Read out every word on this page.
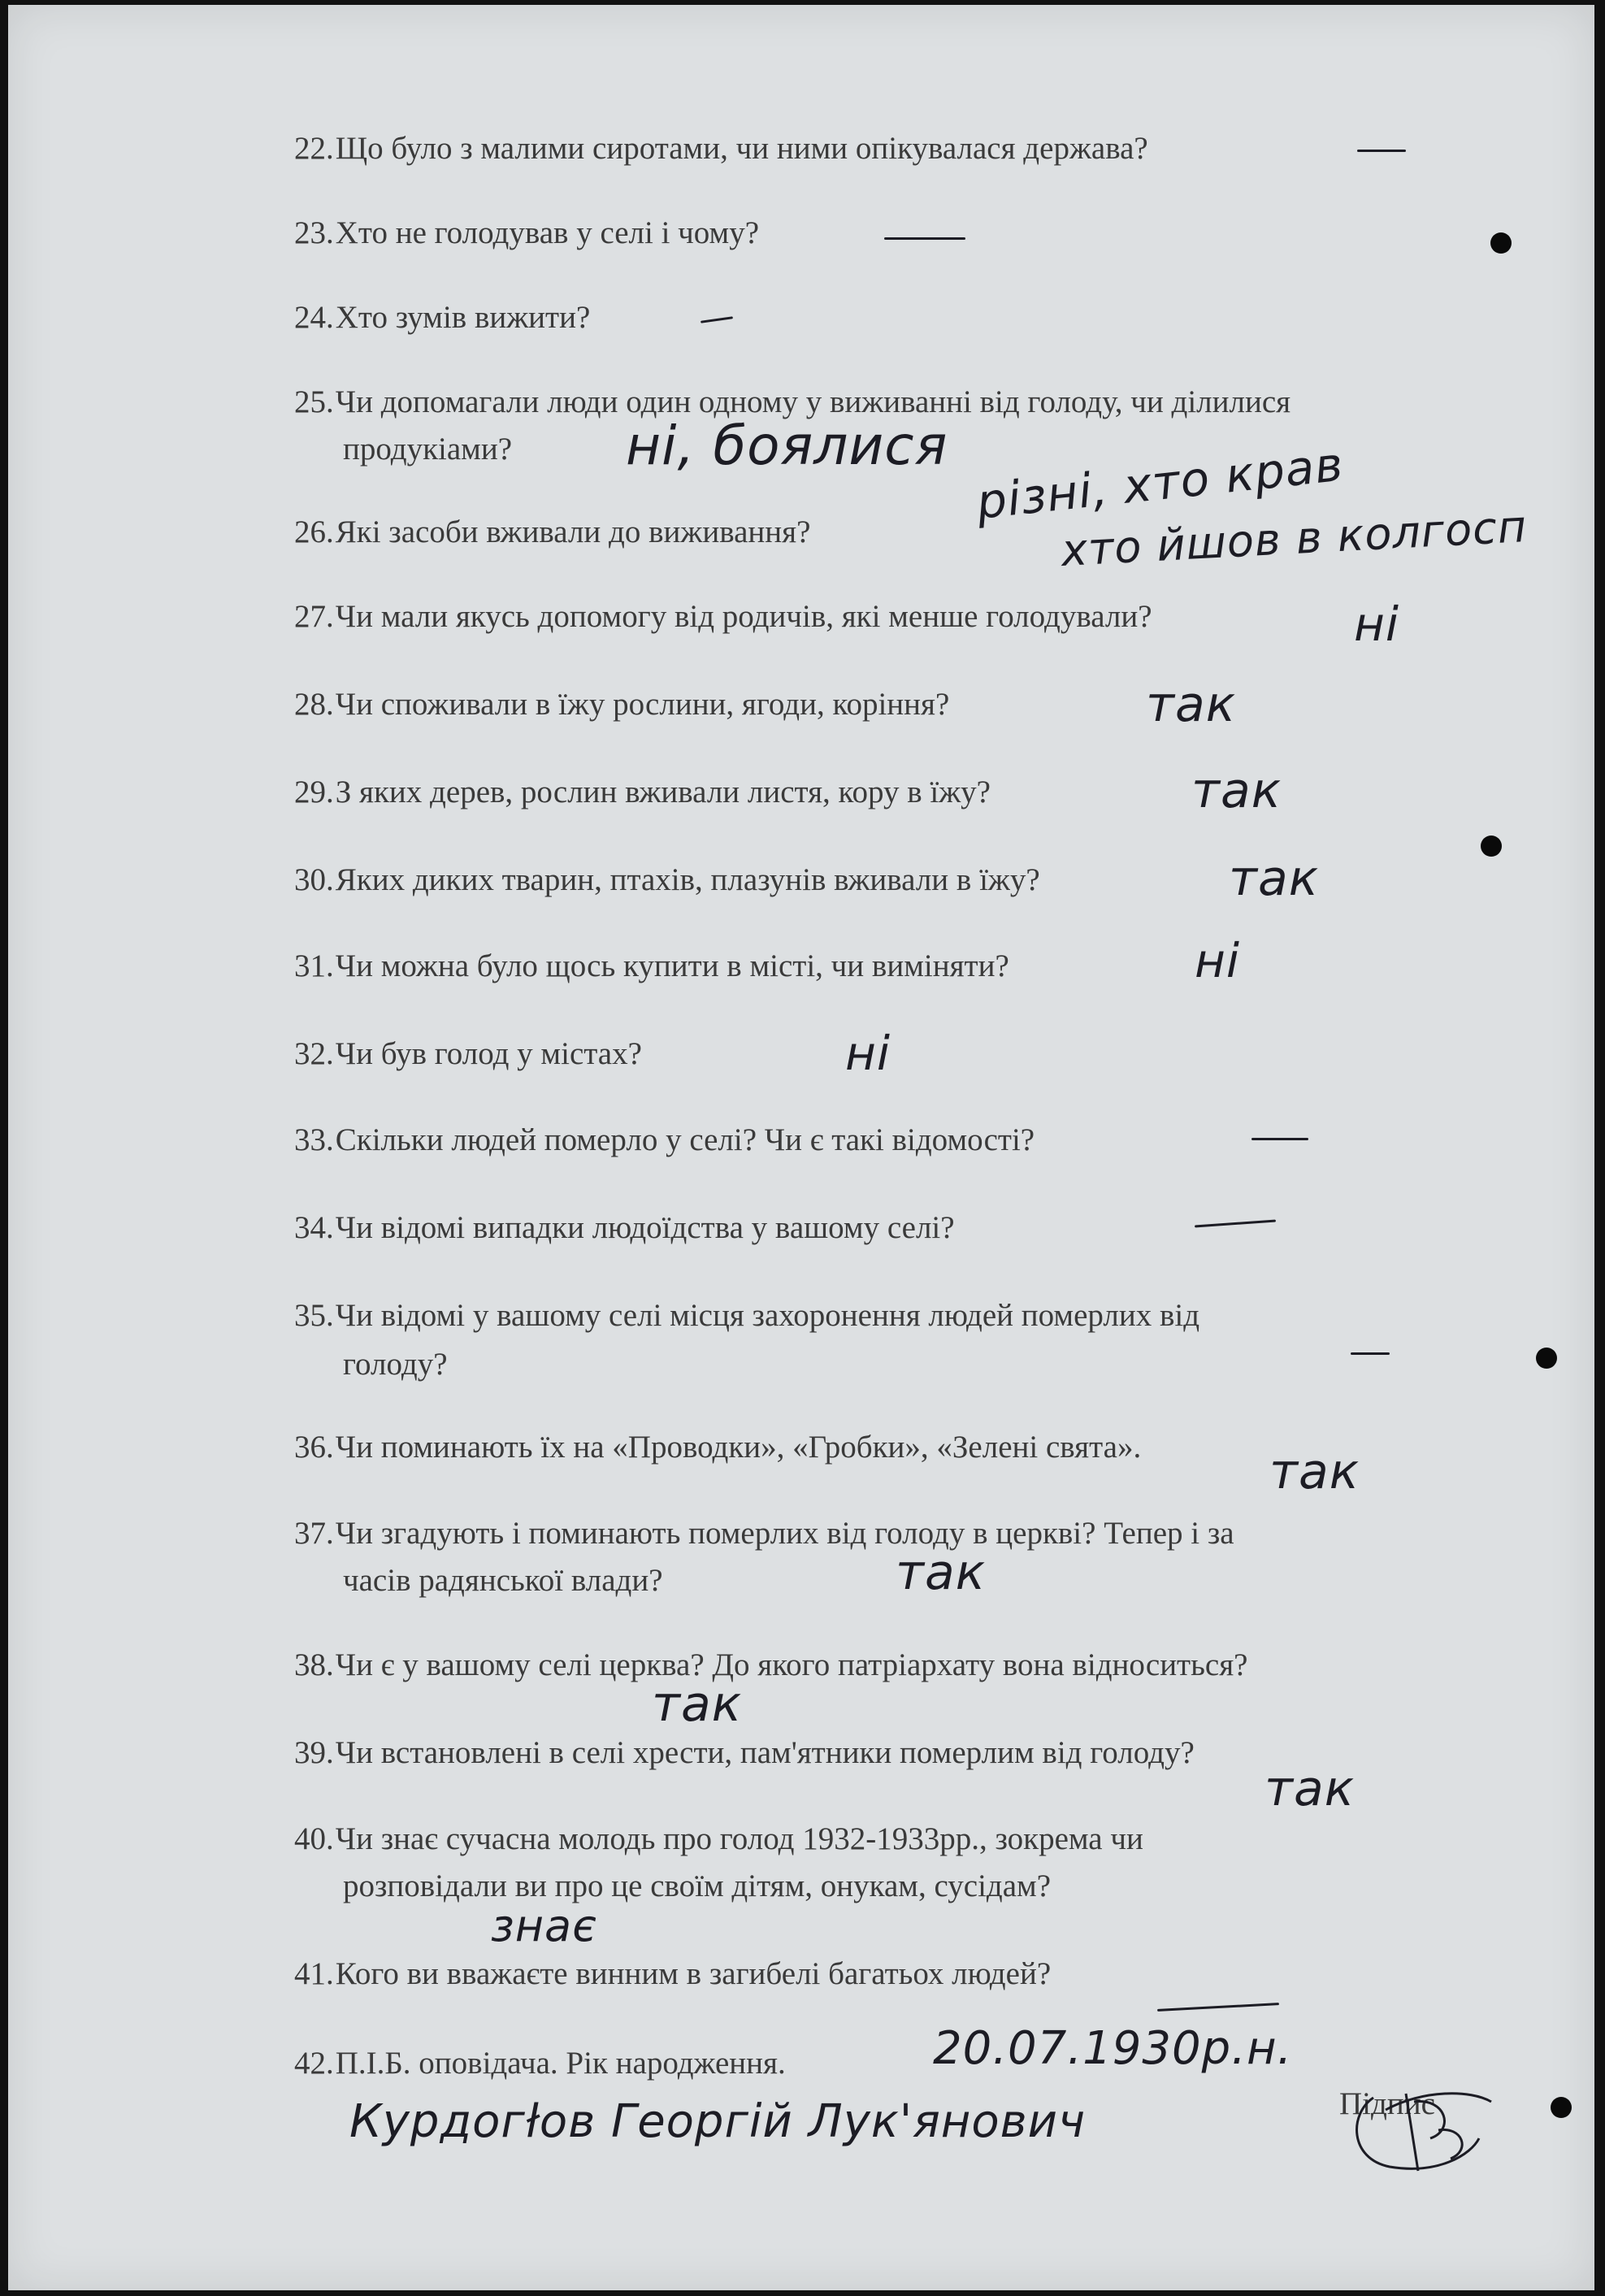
22.Що було з малими сиротами, чи ними опікувалася держава?
23.Хто не голодував у селі і чому?
24.Хто зумів вижити?
25.Чи допомагали люди один одному у виживанні від голоду, чи ділилися
продукіами?
26.Які засоби вживали до виживання?
27.Чи мали якусь допомогу від родичів, які менше голодували?
28.Чи споживали в їжу рослини, ягоди, коріння?
29.З яких дерев, рослин вживали листя, кору в їжу?
30.Яких диких тварин, птахів, плазунів вживали в їжу?
31.Чи можна було щось купити в місті, чи виміняти?
32.Чи був голод у містах?
33.Скільки людей померло у селі? Чи є такі відомості?
34.Чи відомі випадки людоїдства у вашому селі?
35.Чи відомі у вашому селі місця захоронення людей померлих від
голоду?
36.Чи поминають їх на «Проводки», «Гробки», «Зелені свята».
37.Чи згадують і поминають померлих від голоду в церкві? Тепер і за
часів радянської влади?
38.Чи є у вашому селі церква? До якого патріархату вона відноситься?
39.Чи встановлені в селі хрести, пам'ятники померлим від голоду?
40.Чи знає сучасна молодь про голод 1932-1933рр., зокрема чи
розповідали ви про це своїм дітям, онукам, сусідам?
41.Кого ви вважаєте винним в загибелі багатьох людей?
42.П.І.Б. оповідача. Рік народження.
ні, боялися різні, хто крав
хто йшов в колгосп
ні
так
так
так
ні
ні
так
так
так
так
знає
20.07.1930р.н.
Курдогłов Георгій Лук'янович	Підпис
